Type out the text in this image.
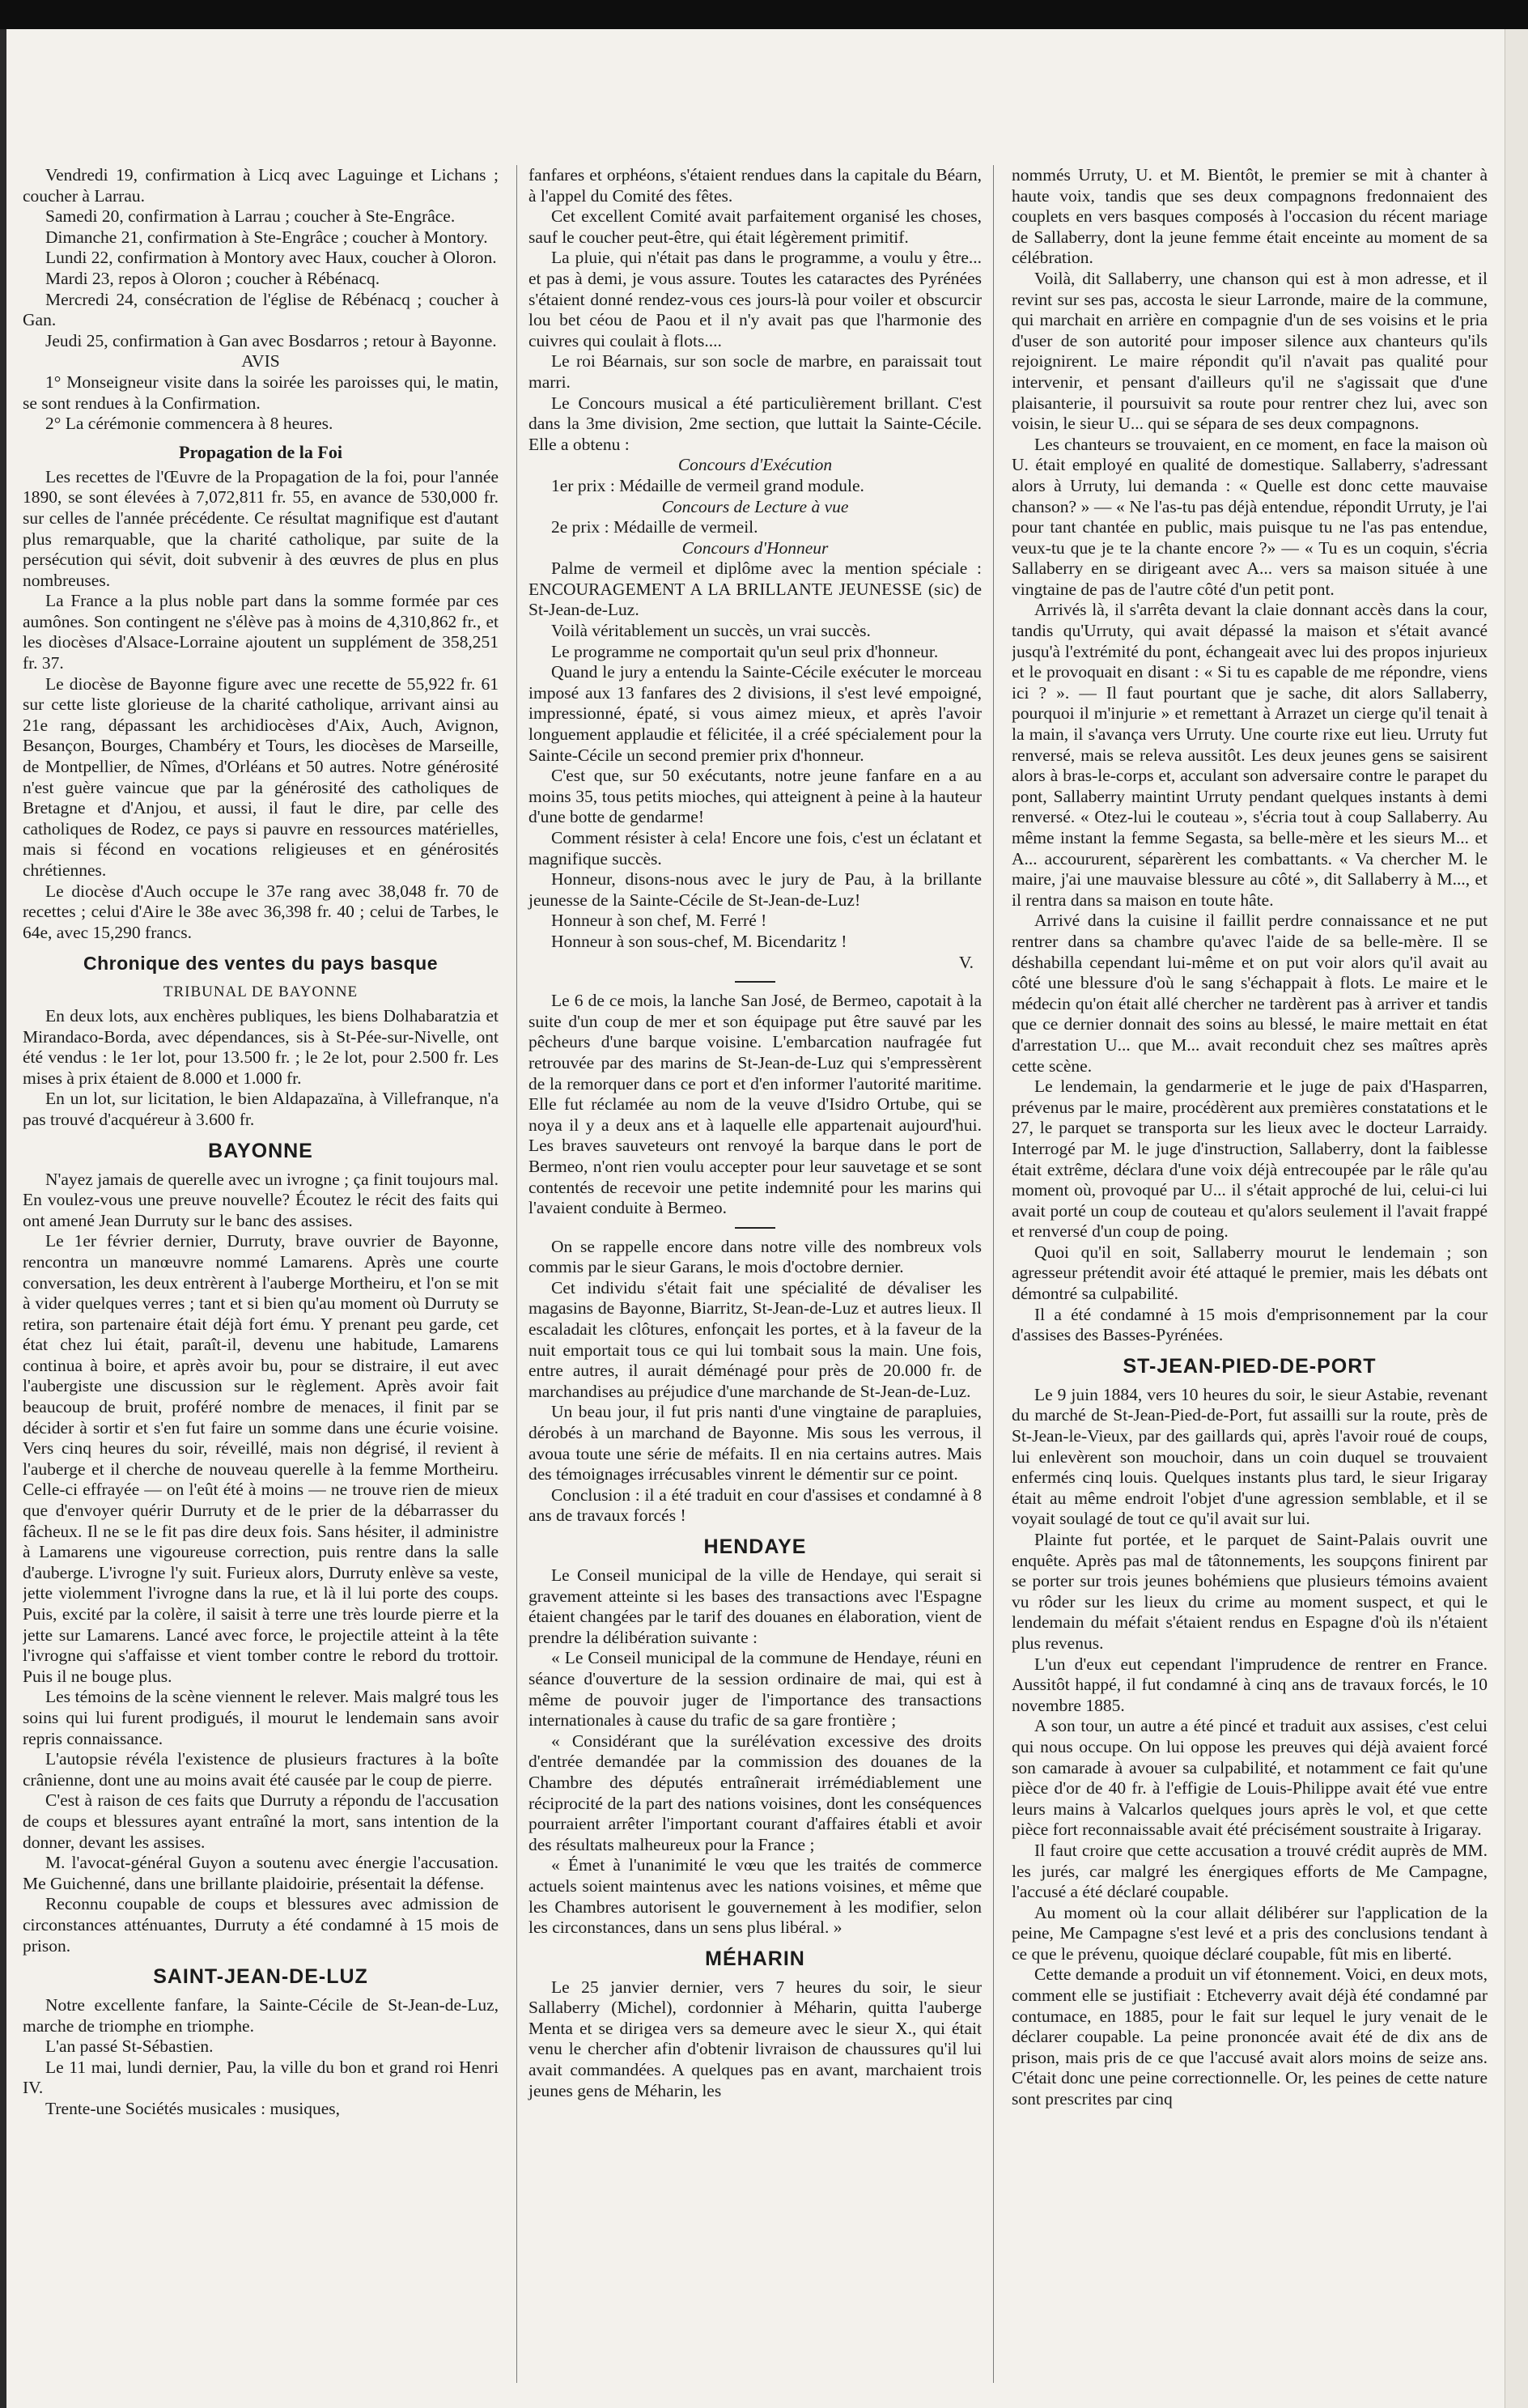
Vendredi 19, confirmation à Licq avec Laguinge et Lichans ; coucher à Larrau.

Samedi 20, confirmation à Larrau ; coucher à Ste-Engrâce.

Dimanche 21, confirmation à Ste-Engrâce ; coucher à Montory.

Lundi 22, confirmation à Montory avec Haux, coucher à Oloron.

Mardi 23, repos à Oloron ; coucher à Rébénacq.

Mercredi 24, consécration de l'église de Rébénacq ; coucher à Gan.

Jeudi 25, confirmation à Gan avec Bosdarros ; retour à Bayonne.

AVIS

1° Monseigneur visite dans la soirée les paroisses qui, le matin, se sont rendues à la Confirmation.

2° La cérémonie commencera à 8 heures.

Propagation de la Foi

Les recettes de l'Œuvre de la Propagation de la foi, pour l'année 1890, se sont élevées à 7,072,811 fr. 55, en avance de 530,000 fr. sur celles de l'année précédente. Ce résultat magnifique est d'autant plus remarquable, que la charité catholique, par suite de la persécution qui sévit, doit subvenir à des œuvres de plus en plus nombreuses.

La France a la plus noble part dans la somme formée par ces aumônes. Son contingent ne s'élève pas à moins de 4,310,862 fr., et les diocèses d'Alsace-Lorraine ajoutent un supplément de 358,251 fr. 37.

Le diocèse de Bayonne figure avec une recette de 55,922 fr. 61 sur cette liste glorieuse de la charité catholique, arrivant ainsi au 21e rang, dépassant les archidiocèses d'Aix, Auch, Avignon, Besançon, Bourges, Chambéry et Tours, les diocèses de Marseille, de Montpellier, de Nîmes, d'Orléans et 50 autres. Notre générosité n'est guère vaincue que par la générosité des catholiques de Bretagne et d'Anjou, et aussi, il faut le dire, par celle des catholiques de Rodez, ce pays si pauvre en ressources matérielles, mais si fécond en vocations religieuses et en générosités chrétiennes.

Le diocèse d'Auch occupe le 37e rang avec 38,048 fr. 70 de recettes ; celui d'Aire le 38e avec 36,398 fr. 40 ; celui de Tarbes, le 64e, avec 15,290 francs.

Chronique des ventes du pays basque
TRIBUNAL DE BAYONNE

En deux lots, aux enchères publiques, les biens Dolhabaratzia et Mirandaco-Borda, avec dépendances, sis à St-Pée-sur-Nivelle, ont été vendus : le 1er lot, pour 13.500 fr. ; le 2e lot, pour 2.500 fr. Les mises à prix étaient de 8.000 et 1.000 fr.

En un lot, sur licitation, le bien Aldapazaïna, à Villefranque, n'a pas trouvé d'acquéreur à 3.600 fr.

BAYONNE

N'ayez jamais de querelle avec un ivrogne ; ça finit toujours mal. En voulez-vous une preuve nouvelle? Écoutez le récit des faits qui ont amené Jean Durruty sur le banc des assises.

Le 1er février dernier, Durruty, brave ouvrier de Bayonne, rencontra un manœuvre nommé Lamarens. Après une courte conversation, les deux entrèrent à l'auberge Mortheiru, et l'on se mit à vider quelques verres ; tant et si bien qu'au moment où Durruty se retira, son partenaire était déjà fort ému. Y prenant peu garde, cet état chez lui était, paraît-il, devenu une habitude, Lamarens continua à boire, et après avoir bu, pour se distraire, il eut avec l'aubergiste une discussion sur le règlement. Après avoir fait beaucoup de bruit, proféré nombre de menaces, il finit par se décider à sortir et s'en fut faire un somme dans une écurie voisine. Vers cinq heures du soir, réveillé, mais non dégrisé, il revient à l'auberge et il cherche de nouveau querelle à la femme Mortheiru. Celle-ci effrayée — on l'eût été à moins — ne trouve rien de mieux que d'envoyer quérir Durruty et de le prier de la débarrasser du fâcheux. Il ne se le fit pas dire deux fois. Sans hésiter, il administre à Lamarens une vigoureuse correction, puis rentre dans la salle d'auberge. L'ivrogne l'y suit. Furieux alors, Durruty enlève sa veste, jette violemment l'ivrogne dans la rue, et là il lui porte des coups. Puis, excité par la colère, il saisit à terre une très lourde pierre et la jette sur Lamarens. Lancé avec force, le projectile atteint à la tête l'ivrogne qui s'affaisse et vient tomber contre le rebord du trottoir. Puis il ne bouge plus.

Les témoins de la scène viennent le relever. Mais malgré tous les soins qui lui furent prodigués, il mourut le lendemain sans avoir repris connaissance.

L'autopsie révéla l'existence de plusieurs fractures à la boîte crânienne, dont une au moins avait été causée par le coup de pierre.

C'est à raison de ces faits que Durruty a répondu de l'accusation de coups et blessures ayant entraîné la mort, sans intention de la donner, devant les assises.

M. l'avocat-général Guyon a soutenu avec énergie l'accusation. Me Guichenné, dans une brillante plaidoirie, présentait la défense.

Reconnu coupable de coups et blessures avec admission de circonstances atténuantes, Durruty a été condamné à 15 mois de prison.

SAINT-JEAN-DE-LUZ

Notre excellente fanfare, la Sainte-Cécile de St-Jean-de-Luz, marche de triomphe en triomphe.

L'an passé St-Sébastien.

Le 11 mai, lundi dernier, Pau, la ville du bon et grand roi Henri IV.

Trente-une Sociétés musicales : musiques,

fanfares et orphéons, s'étaient rendues dans la capitale du Béarn, à l'appel du Comité des fêtes.

Cet excellent Comité avait parfaitement organisé les choses, sauf le coucher peut-être, qui était légèrement primitif.

La pluie, qui n'était pas dans le programme, a voulu y être... et pas à demi, je vous assure. Toutes les cataractes des Pyrénées s'étaient donné rendez-vous ces jours-là pour voiler et obscurcir lou bet céou de Paou et il n'y avait pas que l'harmonie des cuivres qui coulait à flots....

Le roi Béarnais, sur son socle de marbre, en paraissait tout marri.

Le Concours musical a été particulièrement brillant. C'est dans la 3me division, 2me section, que luttait la Sainte-Cécile. Elle a obtenu :

Concours d'Exécution

1er prix : Médaille de vermeil grand module.

Concours de Lecture à vue

2e prix : Médaille de vermeil.

Concours d'Honneur

Palme de vermeil et diplôme avec la mention spéciale : ENCOURAGEMENT A LA BRILLANTE JEUNESSE (sic) de St-Jean-de-Luz.

Voilà véritablement un succès, un vrai succès.

Le programme ne comportait qu'un seul prix d'honneur.

Quand le jury a entendu la Sainte-Cécile exécuter le morceau imposé aux 13 fanfares des 2 divisions, il s'est levé empoigné, impressionné, épaté, si vous aimez mieux, et après l'avoir longuement applaudie et félicitée, il a créé spécialement pour la Sainte-Cécile un second premier prix d'honneur.

C'est que, sur 50 exécutants, notre jeune fanfare en a au moins 35, tous petits mioches, qui atteignent à peine à la hauteur d'une botte de gendarme!

Comment résister à cela! Encore une fois, c'est un éclatant et magnifique succès.

Honneur, disons-nous avec le jury de Pau, à la brillante jeunesse de la Sainte-Cécile de St-Jean-de-Luz!

Honneur à son chef, M. Ferré !

Honneur à son sous-chef, M. Bicendaritz !

V.

Le 6 de ce mois, la lanche San José, de Bermeo, capotait à la suite d'un coup de mer et son équipage put être sauvé par les pêcheurs d'une barque voisine. L'embarcation naufragée fut retrouvée par des marins de St-Jean-de-Luz qui s'empressèrent de la remorquer dans ce port et d'en informer l'autorité maritime. Elle fut réclamée au nom de la veuve d'Isidro Ortube, qui se noya il y a deux ans et à laquelle elle appartenait aujourd'hui. Les braves sauveteurs ont renvoyé la barque dans le port de Bermeo, n'ont rien voulu accepter pour leur sauvetage et se sont contentés de recevoir une petite indemnité pour les marins qui l'avaient conduite à Bermeo.

On se rappelle encore dans notre ville des nombreux vols commis par le sieur Garans, le mois d'octobre dernier.

Cet individu s'était fait une spécialité de dévaliser les magasins de Bayonne, Biarritz, St-Jean-de-Luz et autres lieux. Il escaladait les clôtures, enfonçait les portes, et à la faveur de la nuit emportait tous ce qui lui tombait sous la main. Une fois, entre autres, il aurait déménagé pour près de 20.000 fr. de marchandises au préjudice d'une marchande de St-Jean-de-Luz.

Un beau jour, il fut pris nanti d'une vingtaine de parapluies, dérobés à un marchand de Bayonne. Mis sous les verrous, il avoua toute une série de méfaits. Il en nia certains autres. Mais des témoignages irrécusables vinrent le démentir sur ce point.

Conclusion : il a été traduit en cour d'assises et condamné à 8 ans de travaux forcés !

HENDAYE

Le Conseil municipal de la ville de Hendaye, qui serait si gravement atteinte si les bases des transactions avec l'Espagne étaient changées par le tarif des douanes en élaboration, vient de prendre la délibération suivante :

« Le Conseil municipal de la commune de Hendaye, réuni en séance d'ouverture de la session ordinaire de mai, qui est à même de pouvoir juger de l'importance des transactions internationales à cause du trafic de sa gare frontière ;

« Considérant que la surélévation excessive des droits d'entrée demandée par la commission des douanes de la Chambre des députés entraînerait irrémédiablement une réciprocité de la part des nations voisines, dont les conséquences pourraient arrêter l'important courant d'affaires établi et avoir des résultats malheureux pour la France ;

« Émet à l'unanimité le vœu que les traités de commerce actuels soient maintenus avec les nations voisines, et même que les Chambres autorisent le gouvernement à les modifier, selon les circonstances, dans un sens plus libéral. »

MÉHARIN

Le 25 janvier dernier, vers 7 heures du soir, le sieur Sallaberry (Michel), cordonnier à Méharin, quitta l'auberge Menta et se dirigea vers sa demeure avec le sieur X., qui était venu le chercher afin d'obtenir livraison de chaussures qu'il lui avait commandées. A quelques pas en avant, marchaient trois jeunes gens de Méharin, les

nommés Urruty, U. et M. Bientôt, le premier se mit à chanter à haute voix, tandis que ses deux compagnons fredonnaient des couplets en vers basques composés à l'occasion du récent mariage de Sallaberry, dont la jeune femme était enceinte au moment de sa célébration.

Voilà, dit Sallaberry, une chanson qui est à mon adresse, et il revint sur ses pas, accosta le sieur Larronde, maire de la commune, qui marchait en arrière en compagnie d'un de ses voisins et le pria d'user de son autorité pour imposer silence aux chanteurs qu'ils rejoignirent. Le maire répondit qu'il n'avait pas qualité pour intervenir, et pensant d'ailleurs qu'il ne s'agissait que d'une plaisanterie, il poursuivit sa route pour rentrer chez lui, avec son voisin, le sieur U... qui se sépara de ses deux compagnons.

Les chanteurs se trouvaient, en ce moment, en face la maison où U. était employé en qualité de domestique. Sallaberry, s'adressant alors à Urruty, lui demanda : « Quelle est donc cette mauvaise chanson? » — « Ne l'as-tu pas déjà entendue, répondit Urruty, je l'ai pour tant chantée en public, mais puisque tu ne l'as pas entendue, veux-tu que je te la chante encore ?» — « Tu es un coquin, s'écria Sallaberry en se dirigeant avec A... vers sa maison située à une vingtaine de pas de l'autre côté d'un petit pont.

Arrivés là, il s'arrêta devant la claie donnant accès dans la cour, tandis qu'Urruty, qui avait dépassé la maison et s'était avancé jusqu'à l'extrémité du pont, échangeait avec lui des propos injurieux et le provoquait en disant : « Si tu es capable de me répondre, viens ici ? ». — Il faut pourtant que je sache, dit alors Sallaberry, pourquoi il m'injurie » et remettant à Arrazet un cierge qu'il tenait à la main, il s'avança vers Urruty. Une courte rixe eut lieu. Urruty fut renversé, mais se releva aussitôt. Les deux jeunes gens se saisirent alors à bras-le-corps et, acculant son adversaire contre le parapet du pont, Sallaberry maintint Urruty pendant quelques instants à demi renversé. « Otez-lui le couteau », s'écria tout à coup Sallaberry. Au même instant la femme Segasta, sa belle-mère et les sieurs M... et A... accoururent, séparèrent les combattants. « Va chercher M. le maire, j'ai une mauvaise blessure au côté », dit Sallaberry à M..., et il rentra dans sa maison en toute hâte.

Arrivé dans la cuisine il faillit perdre connaissance et ne put rentrer dans sa chambre qu'avec l'aide de sa belle-mère. Il se déshabilla cependant lui-même et on put voir alors qu'il avait au côté une blessure d'où le sang s'échappait à flots. Le maire et le médecin qu'on était allé chercher ne tardèrent pas à arriver et tandis que ce dernier donnait des soins au blessé, le maire mettait en état d'arrestation U... que M... avait reconduit chez ses maîtres après cette scène.

Le lendemain, la gendarmerie et le juge de paix d'Hasparren, prévenus par le maire, procédèrent aux premières constatations et le 27, le parquet se transporta sur les lieux avec le docteur Larraidy. Interrogé par M. le juge d'instruction, Sallaberry, dont la faiblesse était extrême, déclara d'une voix déjà entrecoupée par le râle qu'au moment où, provoqué par U... il s'était approché de lui, celui-ci lui avait porté un coup de couteau et qu'alors seulement il l'avait frappé et renversé d'un coup de poing.

Quoi qu'il en soit, Sallaberry mourut le lendemain ; son agresseur prétendit avoir été attaqué le premier, mais les débats ont démontré sa culpabilité.

Il a été condamné à 15 mois d'emprisonnement par la cour d'assises des Basses-Pyrénées.

ST-JEAN-PIED-DE-PORT

Le 9 juin 1884, vers 10 heures du soir, le sieur Astabie, revenant du marché de St-Jean-Pied-de-Port, fut assailli sur la route, près de St-Jean-le-Vieux, par des gaillards qui, après l'avoir roué de coups, lui enlevèrent son mouchoir, dans un coin duquel se trouvaient enfermés cinq louis. Quelques instants plus tard, le sieur Irigaray était au même endroit l'objet d'une agression semblable, et il se voyait soulagé de tout ce qu'il avait sur lui.

Plainte fut portée, et le parquet de Saint-Palais ouvrit une enquête. Après pas mal de tâtonnements, les soupçons finirent par se porter sur trois jeunes bohémiens que plusieurs témoins avaient vu rôder sur les lieux du crime au moment suspect, et qui le lendemain du méfait s'étaient rendus en Espagne d'où ils n'étaient plus revenus.

L'un d'eux eut cependant l'imprudence de rentrer en France. Aussitôt happé, il fut condamné à cinq ans de travaux forcés, le 10 novembre 1885.

A son tour, un autre a été pincé et traduit aux assises, c'est celui qui nous occupe. On lui oppose les preuves qui déjà avaient forcé son camarade à avouer sa culpabilité, et notamment ce fait qu'une pièce d'or de 40 fr. à l'effigie de Louis-Philippe avait été vue entre leurs mains à Valcarlos quelques jours après le vol, et que cette pièce fort reconnaissable avait été précisément soustraite à Irigaray.

Il faut croire que cette accusation a trouvé crédit auprès de MM. les jurés, car malgré les énergiques efforts de Me Campagne, l'accusé a été déclaré coupable.

Au moment où la cour allait délibérer sur l'application de la peine, Me Campagne s'est levé et a pris des conclusions tendant à ce que le prévenu, quoique déclaré coupable, fût mis en liberté.

Cette demande a produit un vif étonnement. Voici, en deux mots, comment elle se justifiait : Etcheverry avait déjà été condamné par contumace, en 1885, pour le fait sur lequel le jury venait de le déclarer coupable. La peine prononcée avait été de dix ans de prison, mais pris de ce que l'accusé avait alors moins de seize ans. C'était donc une peine correctionnelle. Or, les peines de cette nature sont prescrites par cinq
